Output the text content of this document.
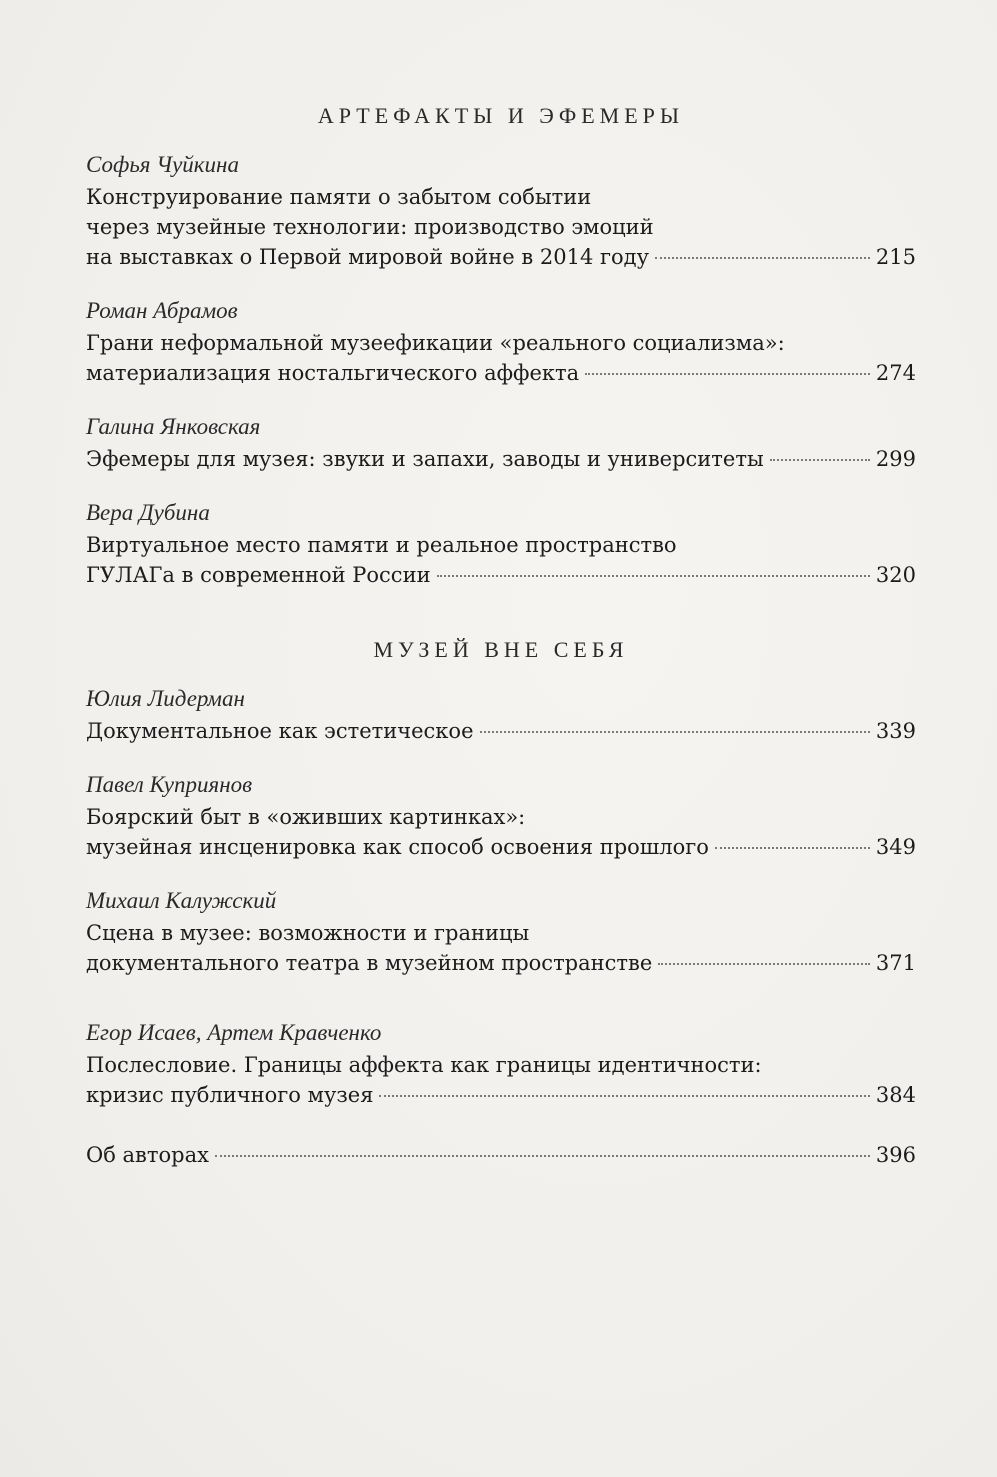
АРТЕФАКТЫ И ЭФЕМЕРЫ
Софья Чуйкина
Конструирование памяти о забытом событии
через музейные технологии: производство эмоций
на выставках о Первой мировой войне в 2014 году	215
Роман Абрамов
Грани неформальной музеефикации «реального социализма»:
материализация ностальгического аффекта	274
Галина Янковская
Эфемеры для музея: звуки и запахи, заводы и университеты	299
Вера Дубина
Виртуальное место памяти и реальное пространство
ГУЛАГа в современной России	320
МУЗЕЙ ВНЕ СЕБЯ
Юлия Лидерман
Документальное как эстетическое	339
Павел Куприянов
Боярский быт в «оживших картинках»:
музейная инсценировка как способ освоения прошлого	349
Михаил Калужский
Сцена в музее: возможности и границы
документального театра в музейном пространстве	371
Егор Исаев, Артем Кравченко
Послесловие. Границы аффекта как границы идентичности:
кризис публичного музея	384
Об авторах	396
